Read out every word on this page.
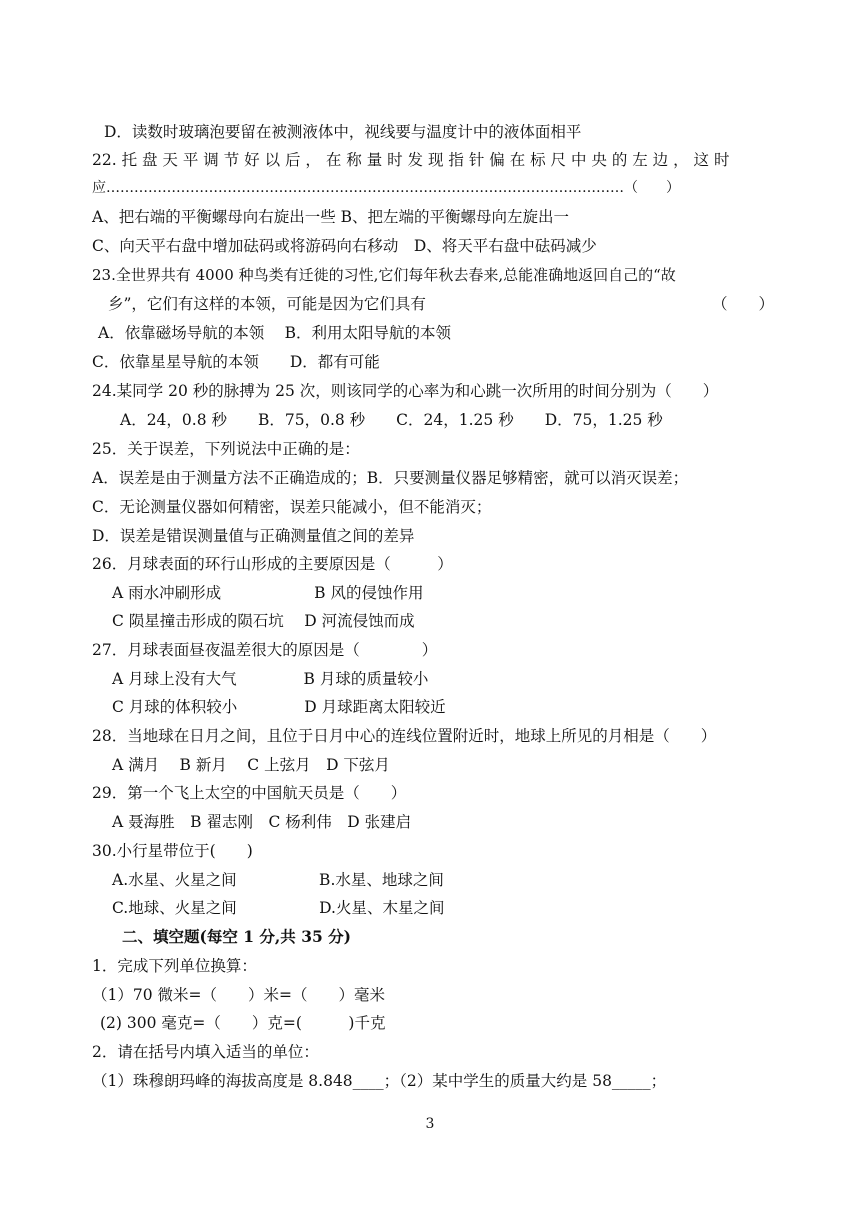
D．读数时玻璃泡要留在被测液体中，视线要与温度计中的液体面相平
22. 托 盘 天 平 调 节 好 以 后 ， 在 称 量 时 发 现 指 针 偏 在 标 尺 中 央 的 左 边 ， 这 时
应…………………………………………………………………………………………………（　　）
A、把右端的平衡螺母向右旋出一些 B、把左端的平衡螺母向左旋出一
C、向天平右盘中增加砝码或将游码向右移动　D、将天平右盘中砝码减少
23.全世界共有 4000 种鸟类有迁徙的习性,它们每年秋去春来,总能准确地返回自己的“故
乡”，它们有这样的本领，可能是因为它们具有	（　　）
A．依靠磁场导航的本领　 B．利用太阳导航的本领
C．依靠星星导航的本领　　D．都有可能
24.某同学 20 秒的脉搏为 25 次，则该同学的心率为和心跳一次所用的时间分别为（　　）
A．24，0.8 秒　　B．75，0.8 秒　　C．24，1.25 秒　　D．75，1.25 秒
25．关于误差，下列说法中正确的是：
A．误差是由于测量方法不正确造成的；B．只要测量仪器足够精密，就可以消灭误差；
C．无论测量仪器如何精密，误差只能减小，但不能消灭；
D．误差是错误测量值与正确测量值之间的差异
26．月球表面的环行山形成的主要原因是（　　　）
A 雨水冲刷形成　　　　　　B 风的侵蚀作用
C 陨星撞击形成的陨石坑　 D 河流侵蚀而成
27．月球表面昼夜温差很大的原因是（　　　　）
A 月球上没有大气　　　　 B 月球的质量较小
C 月球的体积较小　　　　 D 月球距离太阳较近
28．当地球在日月之间，且位于日月中心的连线位置附近时，地球上所见的月相是（　　）
A 满月　 B 新月　 C 上弦月　D 下弦月
29．第一个飞上太空的中国航天员是（　　）
A 聂海胜　B 翟志刚　C 杨利伟　D 张建启
30.小行星带位于(　　)
A.水星、火星之间　　　　　 B.水星、地球之间
C.地球、火星之间　　　　　 D.火星、木星之间
二、填空题(每空 1 分,共 35 分)
1．完成下列单位换算：
（1）70 微米=（　　）米=（　　）毫米
(2) 300 毫克=（　　）克=(　　　)千克
2．请在括号内填入适当的单位：
（1）珠穆朗玛峰的海拔高度是 8.848____；（2）某中学生的质量大约是 58_____；
3
